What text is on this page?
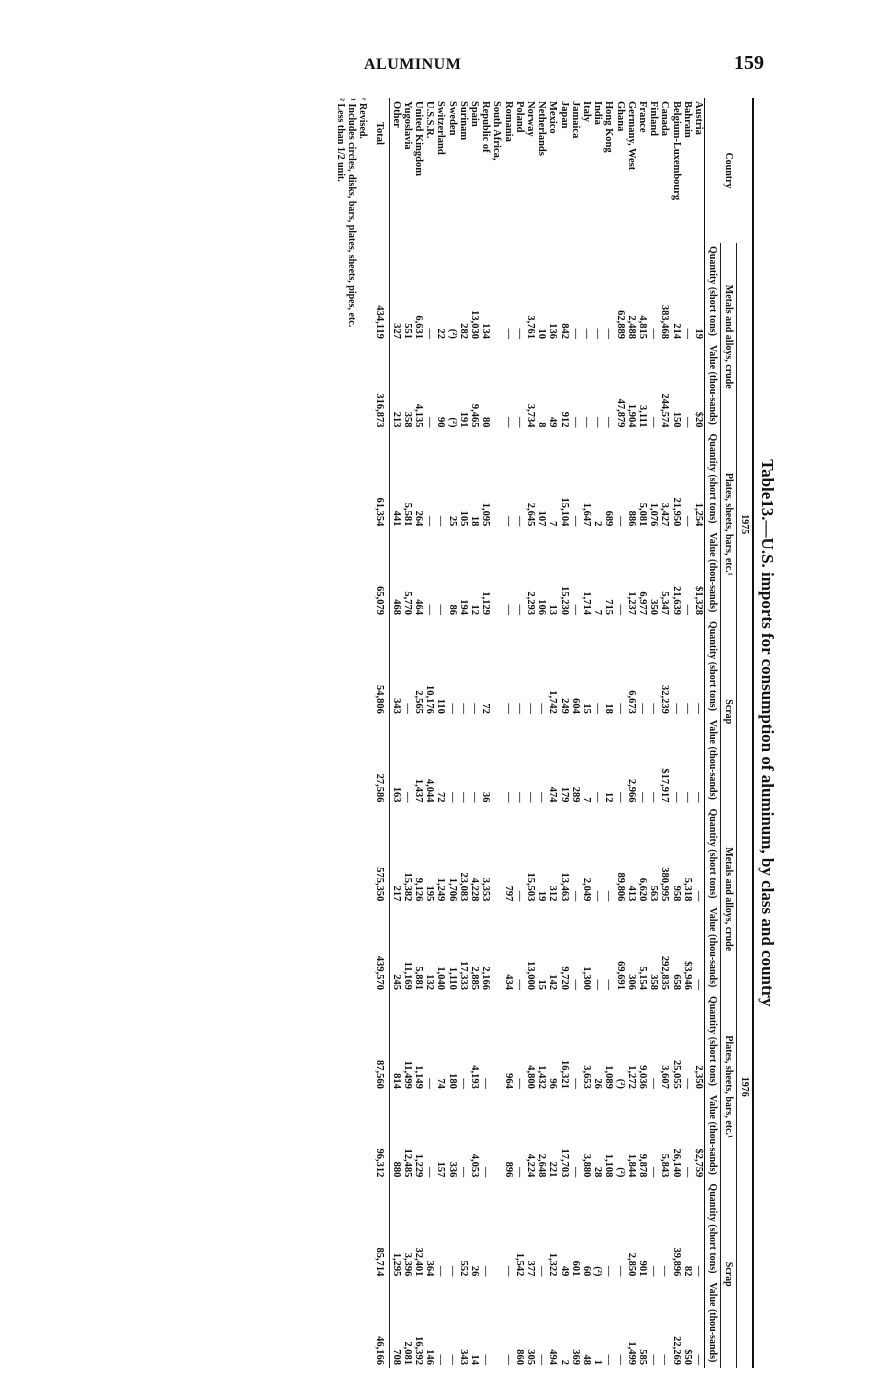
ALUMINUM	159
Table13.—U.S. imports for consumption of aluminum, by class and country
Country	1975						1976					
	Metals and alloys, crude		Plates, sheets, bars, etc.¹		Scrap		Metals and alloys, crude		Plates, sheets, bars, etc.¹		Scrap	
	Quantity (short tons)	Value (thou-sands)	Quantity (short tons)	Value (thou-sands)	Quantity (short tons)	Value (thou-sands)	Quantity (short tons)	Value (thou-sands)	Quantity (short tons)	Value (thou-sands)	Quantity (short tons)	Value (thou-sands)
Austria	19	$20	1,254	$1,328	—	—	—	—	2,350	$2,759	—	—
Bahrain	—	—	—	—	—	—	5,318	$3,946	—	—	82	$50
Belgium-Luxembourg	214	150	21,950	21,639	—	—	958	658	25,055	26,140	39,896	22,269
Canada	383,468	244,574	3,427	5,347	32,239	$17,917	380,995	292,835	3,607	5,843	—	—
Finland	—	—	1,076	350	—	—	563	358	—	—	—	—
France	4,815	3,111	5,081	6,977	—	—	6,620	5,154	9,036	9,878	901	585
Germany, West	2,488	1,904	886	1,237	6,673	2,966	413	306	1,272	1,844	2,850	1,499
Ghana	62,889	47,879	—	—	—	—	89,806	69,691	(²)	(²)	—	—
Hong Kong	—	—	689	715	18	12	—	—	1,089	1,108	—	—
India	—	—	2	7	—	—	—	—	26	28	(²)	1
Italy	—	—	1,647	1,714	15	7	2,049	1,300	3,653	3,880	60	48
Jamaica	—	—	—	—	604	289	—	—	—	—	601	369
Japan	842	912	15,104	15,230	249	179	13,463	9,720	16,321	17,703	49	2
Mexico	136	49	7	13	1,742	474	312	142	96	221	1,322	494
Netherlands	10	8	107	106	—	—	19	15	1,432	2,648	—	—
Norway	3,761	3,734	2,645	2,293	—	—	15,503	13,000	4,800	4,224	377	305
Poland	—	—	—	—	—	—	—	—	—	—	1,542	860
Romania	—	—	—	—	—	—	797	434	964	896	—	—
South Africa,												
Republic of	134	80	1,095	1,129	72	36	3,353	2,166	—	—	—	—
Spain	13,030	9,465	18	12	—	—	4,228	2,885	4,193	4,053	26	14
Surinam	282	191	105	194	—	—	23,083	17,333	—	—	552	343
Sweden	(²)	(²)	25	86	—	—	1,706	1,110	180	336	—	—
Switzerland	22	90	—	—	110	72	1,249	1,040	74	157	—	—
U.S.S.R.	—	—	—	—	10,176	4,044	195	132	—	—	364	146
United Kingdom	6,631	4,135	264	464	2,565	1,437	9,126	5,881	1,149	1,229	32,401	16,392
Yugoslavia	551	358	5,581	5,770	—	—	15,382	11,169	11,499	12,485	3,396	2,081
Other	327	213	441	468	343	163	217	245	814	880	1,295	708
Total	434,119	316,873	61,354	65,079	54,806	27,586	575,350	439,570	87,560	96,312	85,714	46,166
ʳ Revised.
¹ Includes circles, disks, bars, plates, sheets, pipes, etc.
² Less than 1/2 unit.
